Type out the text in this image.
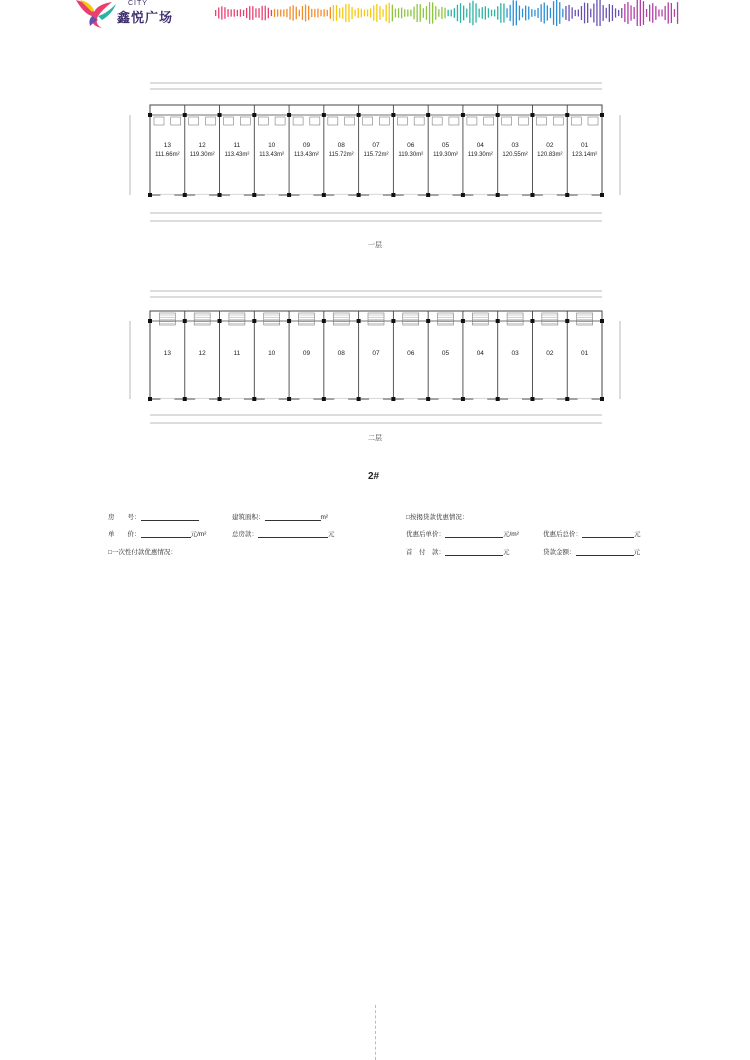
CITY
鑫悦广场
13
111.66m²
12
119.30m²
11
113.43m²
10
113.43m²
09
113.43m²
08
115.72m²
07
115.72m²
06
119.30m²
05
119.30m²
04
119.30m²
03
120.55m²
02
120.83m²
01
123.14m²
一层
13	12	11	10	09	08	07	06	05	04	03	02	01
二层
2#
房　　号：	建筑面积：	m²
单　　价：	元/m²	总房款：	元
□一次性付款优惠情况：
□按揭贷款优惠情况：
优惠后单价：	元/m²	优惠后总价：	元
首　付　款：	元	贷款金额：	元
